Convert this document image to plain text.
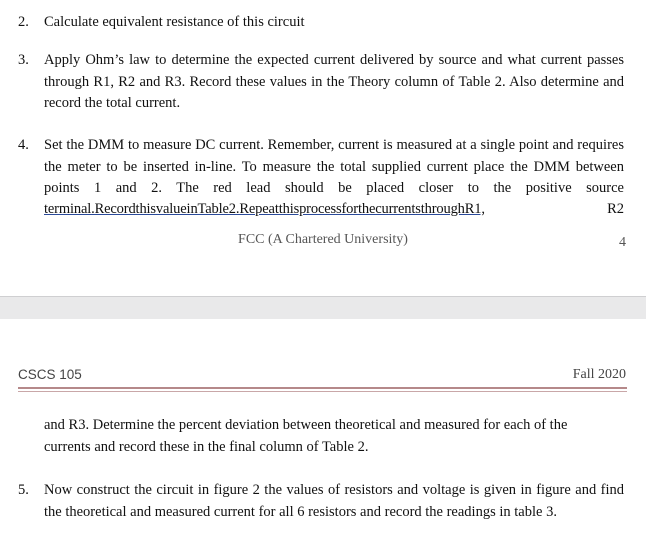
2. Calculate equivalent resistance of this circuit
3. Apply Ohm’s law to determine the expected current delivered by source and what current passes through R1, R2 and R3. Record these values in the Theory column of Table 2. Also determine and record the total current.
4. Set the DMM to measure DC current. Remember, current is measured at a single point and requires the meter to be inserted in-line. To measure the total supplied current place the DMM between points 1 and 2. The red lead should be placed closer to the positive source
terminal.RecordthisvalueinTable2.RepeatthisprocessforthecurrentsthroughR1,	R2
FCC (A Chartered University)	4
CSCS 105	Fall 2020
and R3. Determine the percent deviation between theoretical and measured for each of the currents and record these in the final column of Table 2.
5. Now construct the circuit in figure 2 the values of resistors and voltage is given in figure and find the theoretical and measured current for all 6 resistors and record the readings in table 3.
